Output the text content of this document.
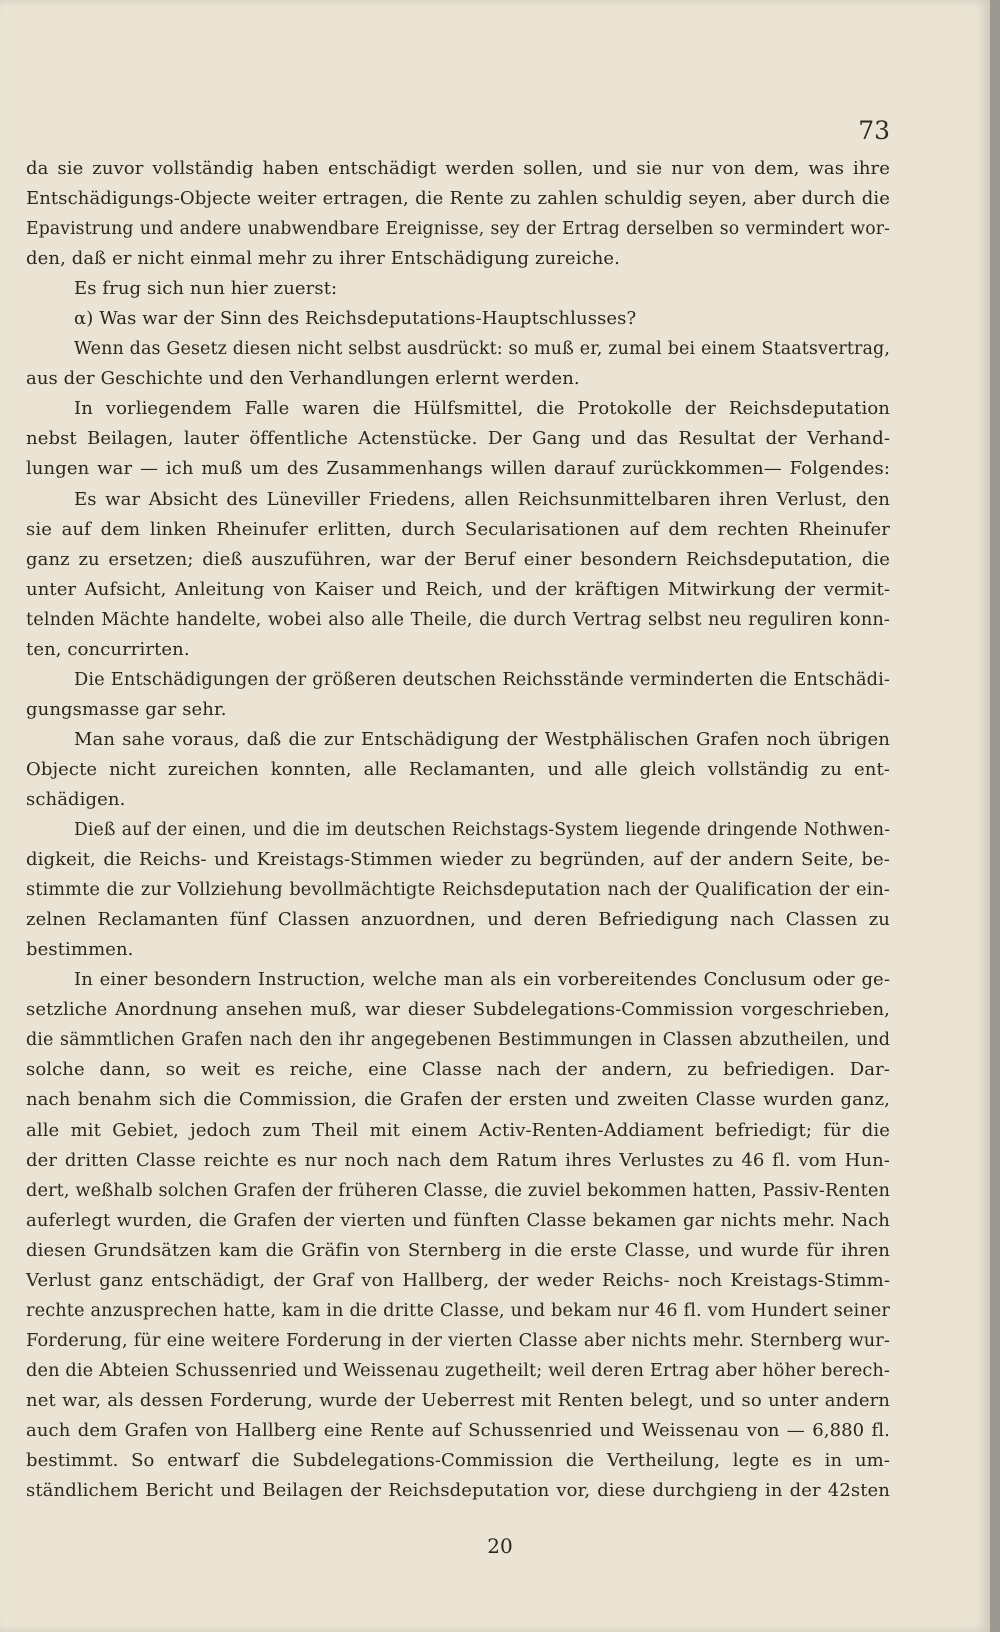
73
da sie zuvor vollständig haben entschädigt werden sollen, und sie nur von dem, was ihre
Entschädigungs-Objecte weiter ertragen, die Rente zu zahlen schuldig seyen, aber durch die
Epavistrung und andere unabwendbare Ereignisse, sey der Ertrag derselben so vermindert wor-
den, daß er nicht einmal mehr zu ihrer Entschädigung zureiche.
Es frug sich nun hier zuerst:
α) Was war der Sinn des Reichsdeputations-Hauptschlusses?
Wenn das Gesetz diesen nicht selbst ausdrückt: so muß er, zumal bei einem Staatsvertrag,
aus der Geschichte und den Verhandlungen erlernt werden.
In vorliegendem Falle waren die Hülfsmittel, die Protokolle der Reichsdeputation
nebst Beilagen, lauter öffentliche Actenstücke. Der Gang und das Resultat der Verhand-
lungen war — ich muß um des Zusammenhangs willen darauf zurückkommen— Folgendes:
Es war Absicht des Lüneviller Friedens, allen Reichsunmittelbaren ihren Verlust, den
sie auf dem linken Rheinufer erlitten, durch Secularisationen auf dem rechten Rheinufer
ganz zu ersetzen; dieß auszuführen, war der Beruf einer besondern Reichsdeputation, die
unter Aufsicht, Anleitung von Kaiser und Reich, und der kräftigen Mitwirkung der vermit-
telnden Mächte handelte, wobei also alle Theile, die durch Vertrag selbst neu reguliren konn-
ten, concurrirten.
Die Entschädigungen der größeren deutschen Reichsstände verminderten die Entschädi-
gungsmasse gar sehr.
Man sahe voraus, daß die zur Entschädigung der Westphälischen Grafen noch übrigen
Objecte nicht zureichen konnten, alle Reclamanten, und alle gleich vollständig zu ent-
schädigen.
Dieß auf der einen, und die im deutschen Reichstags-System liegende dringende Nothwen-
digkeit, die Reichs- und Kreistags-Stimmen wieder zu begründen, auf der andern Seite, be-
stimmte die zur Vollziehung bevollmächtigte Reichsdeputation nach der Qualification der ein-
zelnen Reclamanten fünf Classen anzuordnen, und deren Befriedigung nach Classen zu
bestimmen.
In einer besondern Instruction, welche man als ein vorbereitendes Conclusum oder ge-
setzliche Anordnung ansehen muß, war dieser Subdelegations-Commission vorgeschrieben,
die sämmtlichen Grafen nach den ihr angegebenen Bestimmungen in Classen abzutheilen, und
solche dann, so weit es reiche, eine Classe nach der andern, zu befriedigen. Dar-
nach benahm sich die Commission, die Grafen der ersten und zweiten Classe wurden ganz,
alle mit Gebiet, jedoch zum Theil mit einem Activ-Renten-Addiament befriedigt; für die
der dritten Classe reichte es nur noch nach dem Ratum ihres Verlustes zu 46 fl. vom Hun-
dert, weßhalb solchen Grafen der früheren Classe, die zuviel bekommen hatten, Passiv-Renten
auferlegt wurden, die Grafen der vierten und fünften Classe bekamen gar nichts mehr. Nach
diesen Grundsätzen kam die Gräfin von Sternberg in die erste Classe, und wurde für ihren
Verlust ganz entschädigt, der Graf von Hallberg, der weder Reichs- noch Kreistags-Stimm-
rechte anzusprechen hatte, kam in die dritte Classe, und bekam nur 46 fl. vom Hundert seiner
Forderung, für eine weitere Forderung in der vierten Classe aber nichts mehr. Sternberg wur-
den die Abteien Schussenried und Weissenau zugetheilt; weil deren Ertrag aber höher berech-
net war, als dessen Forderung, wurde der Ueberrest mit Renten belegt, und so unter andern
auch dem Grafen von Hallberg eine Rente auf Schussenried und Weissenau von — 6,880 fl.
bestimmt. So entwarf die Subdelegations-Commission die Vertheilung, legte es in um-
ständlichem Bericht und Beilagen der Reichsdeputation vor, diese durchgieng in der 42sten
20
